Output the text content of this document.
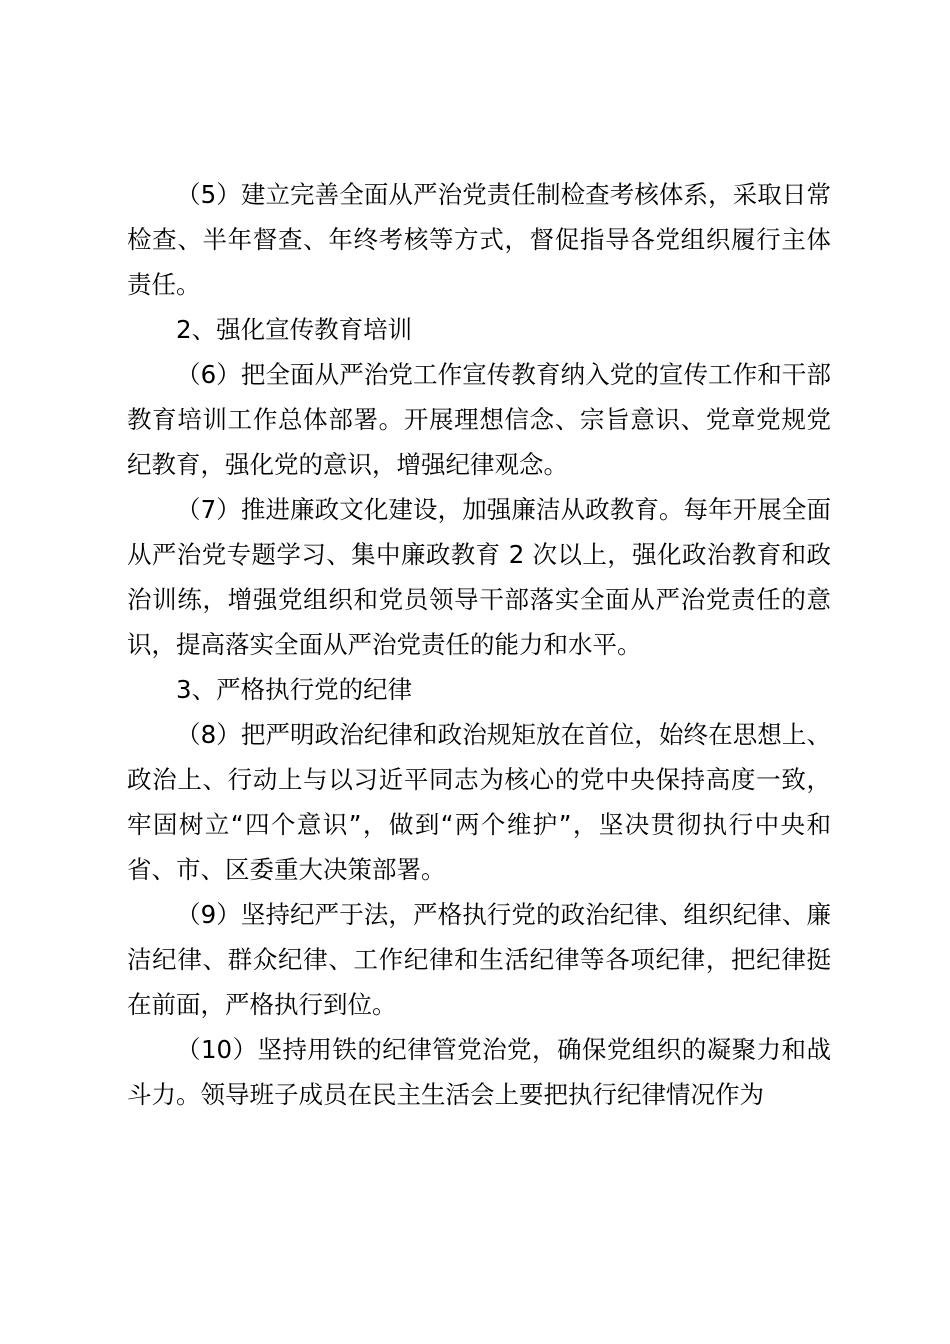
（5）建立完善全面从严治党责任制检查考核体系，采取日常检查、半年督查、年终考核等方式，督促指导各党组织履行主体责任。

2、强化宣传教育培训

（6）把全面从严治党工作宣传教育纳入党的宣传工作和干部教育培训工作总体部署。开展理想信念、宗旨意识、党章党规党纪教育，强化党的意识，增强纪律观念。

（7）推进廉政文化建设，加强廉洁从政教育。每年开展全面从严治党专题学习、集中廉政教育 2 次以上，强化政治教育和政治训练，增强党组织和党员领导干部落实全面从严治党责任的意识，提高落实全面从严治党责任的能力和水平。

3、严格执行党的纪律

（8）把严明政治纪律和政治规矩放在首位，始终在思想上、政治上、行动上与以习近平同志为核心的党中央保持高度一致，牢固树立“四个意识”，做到“两个维护”，坚决贯彻执行中央和省、市、区委重大决策部署。

（9）坚持纪严于法，严格执行党的政治纪律、组织纪律、廉洁纪律、群众纪律、工作纪律和生活纪律等各项纪律，把纪律挺在前面，严格执行到位。

（10）坚持用铁的纪律管党治党，确保党组织的凝聚力和战斗力。领导班子成员在民主生活会上要把执行纪律情况作为
